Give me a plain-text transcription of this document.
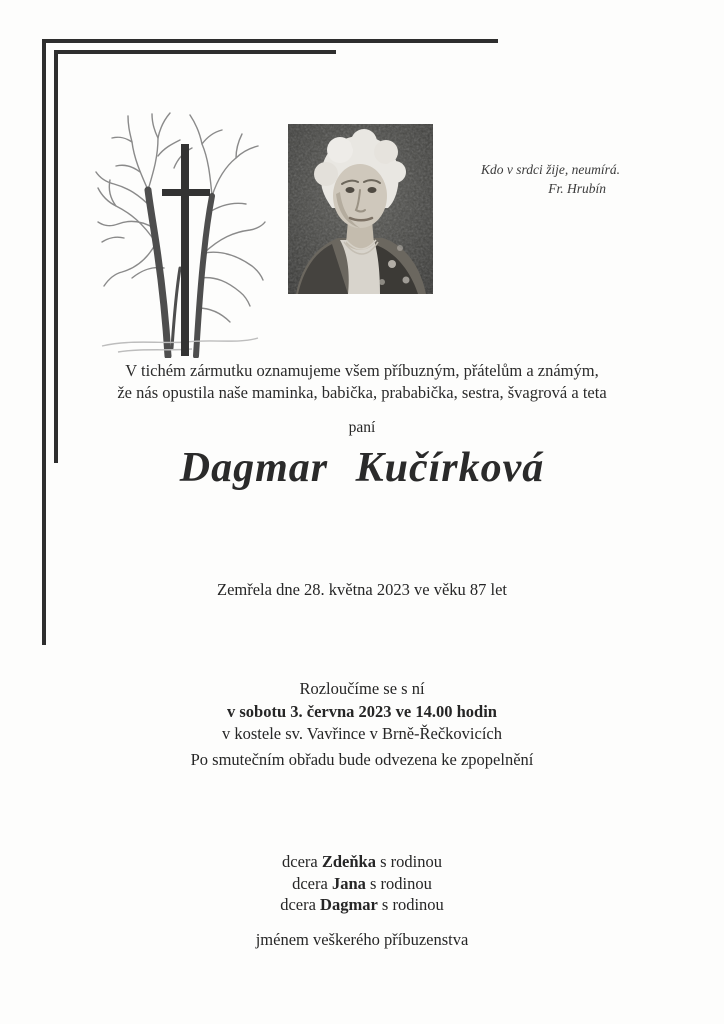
Kdo v srdci žije, neumírá.
Fr. Hrubín
V tichém zármutku oznamujeme všem příbuzným, přátelům a známým,
že nás opustila naše maminka, babička, prababička, sestra, švagrová a teta
paní
Dagmar Kučírková
Zemřela dne 28. května 2023 ve věku 87 let
Rozloučíme se s ní
v sobotu 3. června 2023 ve 14.00 hodin
v kostele sv. Vavřince v Brně-Řečkovicích
Po smutečním obřadu bude odvezena ke zpopelnění
dcera Zdeňka s rodinou
dcera Jana s rodinou
dcera Dagmar s rodinou
jménem veškerého příbuzenstva
